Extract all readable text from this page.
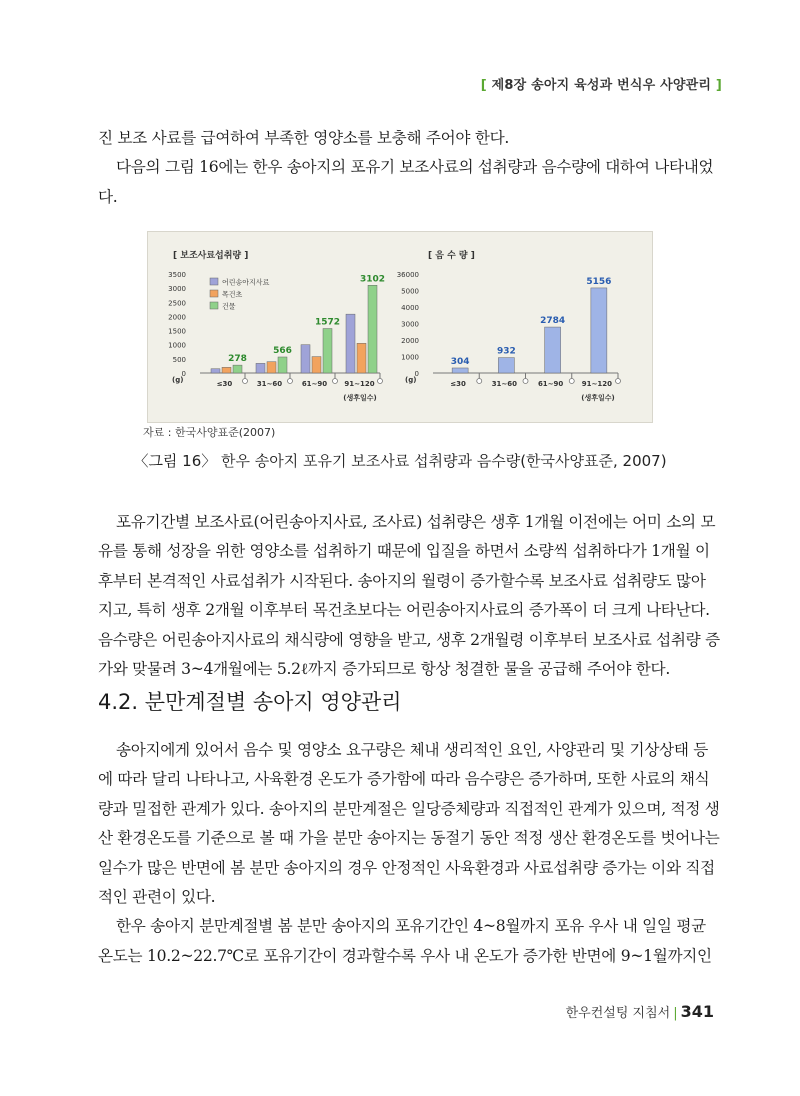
[ 제8장 송아지 육성과 번식우 사양관리 ]

진 보조 사료를 급여하여 부족한 영양소를 보충해 주어야 한다.

다음의 그림 16에는 한우 송아지의 포유기 보조사료의 섭취량과 음수량에 대하여 나타내었다.

[ 보조사료섭취량 ]
0
500
1000
1500
2000
2500
3000
3500
(g)
278
≤30
566
31~60
1572
61~90
3102
91~120
(생후일수)
어린송아지사료
목건초
건물
[ 음 수 량 ]
0
1000
2000
3000
4000
5000
36000
(g)
304
≤30
932
31~60
2784
61~90
5156
91~120
(생후일수)
자료 : 한국사양표준(2007)
〈그림 16〉 한우 송아지 포유기 보조사료 섭취량과 음수량(한국사양표준, 2007)

포유기간별 보조사료(어린송아지사료, 조사료) 섭취량은 생후 1개월 이전에는 어미 소의 모유를 통해 성장을 위한 영양소를 섭취하기 때문에 입질을 하면서 소량씩 섭취하다가 1개월 이후부터 본격적인 사료섭취가 시작된다. 송아지의 월령이 증가할수록 보조사료 섭취량도 많아지고, 특히 생후 2개월 이후부터 목건초보다는 어린송아지사료의 증가폭이 더 크게 나타난다. 음수량은 어린송아지사료의 채식량에 영향을 받고, 생후 2개월령 이후부터 보조사료 섭취량 증가와 맞물려 3~4개월에는 5.2ℓ까지 증가되므로 항상 청결한 물을 공급해 주어야 한다.

4.2. 분만계절별 송아지 영양관리

송아지에게 있어서 음수 및 영양소 요구량은 체내 생리적인 요인, 사양관리 및 기상상태 등에 따라 달리 나타나고, 사육환경 온도가 증가함에 따라 음수량은 증가하며, 또한 사료의 채식량과 밀접한 관계가 있다. 송아지의 분만계절은 일당증체량과 직접적인 관계가 있으며, 적정 생산 환경온도를 기준으로 볼 때 가을 분만 송아지는 동절기 동안 적정 생산 환경온도를 벗어나는 일수가 많은 반면에 봄 분만 송아지의 경우 안정적인 사육환경과 사료섭취량 증가는 이와 직접적인 관련이 있다.

한우 송아지 분만계절별 봄 분만 송아지의 포유기간인 4~8월까지 포유 우사 내 일일 평균 온도는 10.2~22.7℃로 포유기간이 경과할수록 우사 내 온도가 증가한 반면에 9~1월까지인

한우컨설팅 지침서 | 341
